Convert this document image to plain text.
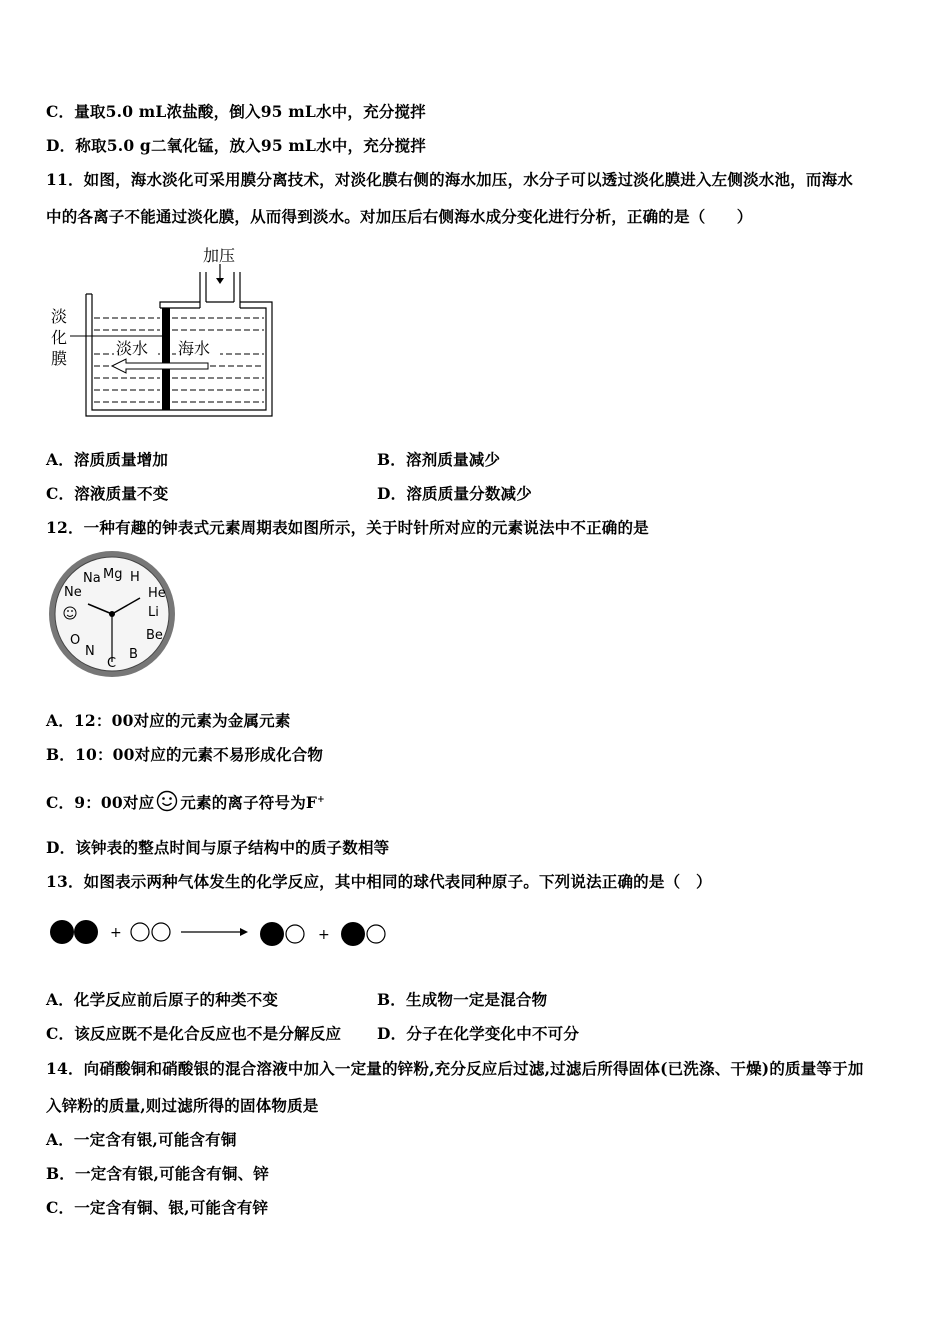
C．量取5.0 mL浓盐酸，倒入95 mL水中，充分搅拌
D．称取5.0 g二氧化锰，放入95 mL水中，充分搅拌
11．如图，海水淡化可采用膜分离技术，对淡化膜右侧的海水加压，水分子可以透过淡化膜进入左侧淡水池，而海水
中的各离子不能通过淡化膜，从而得到淡水。对加压后右侧海水成分变化进行分析，正确的是（　　）
加压
淡
化
膜
淡水 海水
A．溶质质量增加	B．溶剂质量减少
C．溶液质量不变	D．溶质质量分数减少
12．一种有趣的钟表式元素周期表如图所示，关于时针所对应的元素说法中不正确的是
Na Mg H
He
Li
Be
B
C
N
O
Ne
A．12：00对应的元素为金属元素
B．10：00对应的元素不易形成化合物
C．9：00对应 元素的离子符号为F+
D．该钟表的整点时间与原子结构中的质子数相等
13．如图表示两种气体发生的化学反应，其中相同的球代表同种原子。下列说法正确的是（　）
+	+
A．化学反应前后原子的种类不变	B．生成物一定是混合物
C．该反应既不是化合反应也不是分解反应 D．分子在化学变化中不可分
14．向硝酸铜和硝酸银的混合溶液中加入一定量的锌粉,充分反应后过滤,过滤后所得固体(已洗涤、干燥)的质量等于加
入锌粉的质量,则过滤所得的固体物质是
A．一定含有银,可能含有铜
B．一定含有银,可能含有铜、锌
C．一定含有铜、银,可能含有锌
